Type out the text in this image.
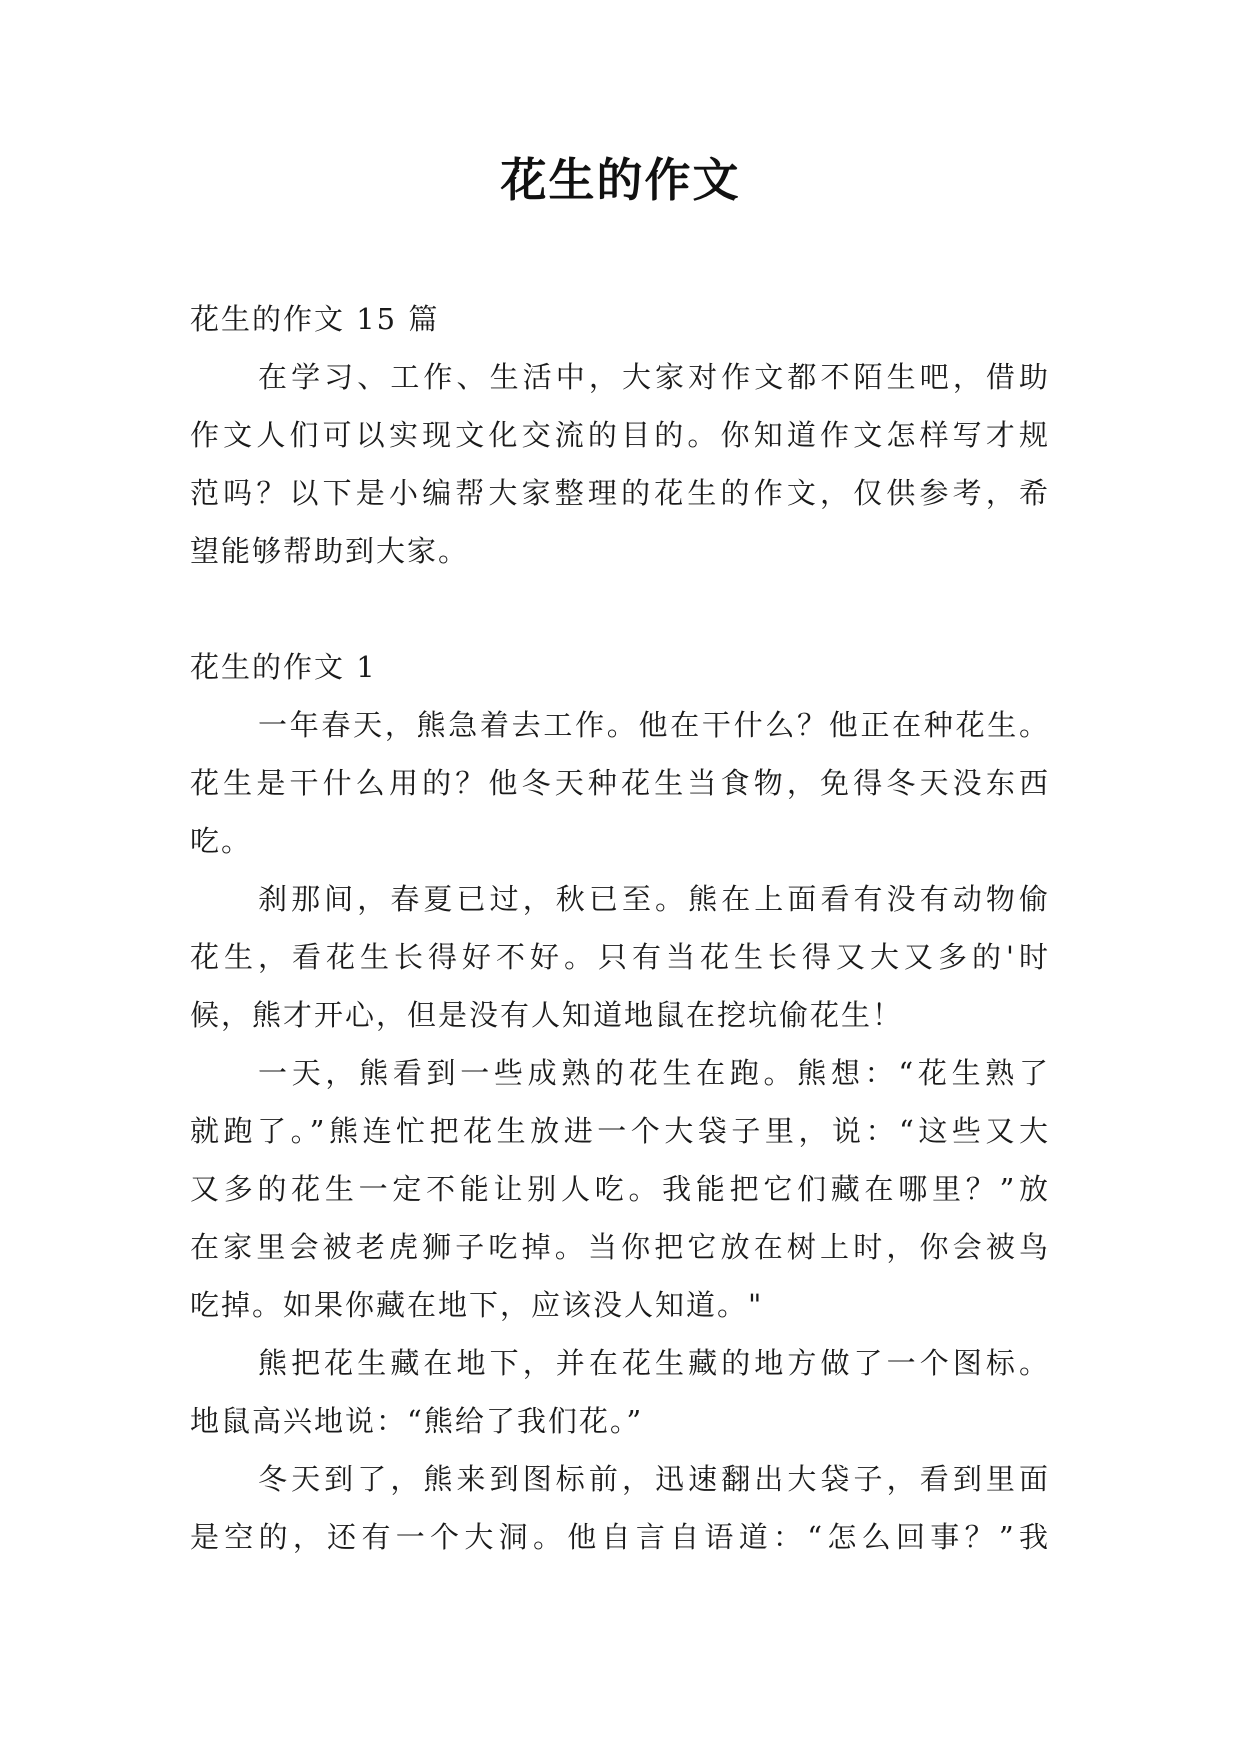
花生的作文
花生的作文 15 篇
在学习、工作、生活中，大家对作文都不陌生吧，借助
作文人们可以实现文化交流的目的。你知道作文怎样写才规
范吗？以下是小编帮大家整理的花生的作文，仅供参考，希
望能够帮助到大家。
花生的作文 1
一年春天，熊急着去工作。他在干什么？他正在种花生。
花生是干什么用的？他冬天种花生当食物，免得冬天没东西
吃。
刹那间，春夏已过，秋已至。熊在上面看有没有动物偷
花生，看花生长得好不好。只有当花生长得又大又多的'时
候，熊才开心，但是没有人知道地鼠在挖坑偷花生！
一天，熊看到一些成熟的花生在跑。熊想：“花生熟了
就跑了。”熊连忙把花生放进一个大袋子里，说：“这些又大
又多的花生一定不能让别人吃。我能把它们藏在哪里？”放
在家里会被老虎狮子吃掉。当你把它放在树上时，你会被鸟
吃掉。如果你藏在地下，应该没人知道。"
熊把花生藏在地下，并在花生藏的地方做了一个图标。
地鼠高兴地说：“熊给了我们花。”
冬天到了，熊来到图标前，迅速翻出大袋子，看到里面
是空的，还有一个大洞。他自言自语道：“怎么回事？”我
